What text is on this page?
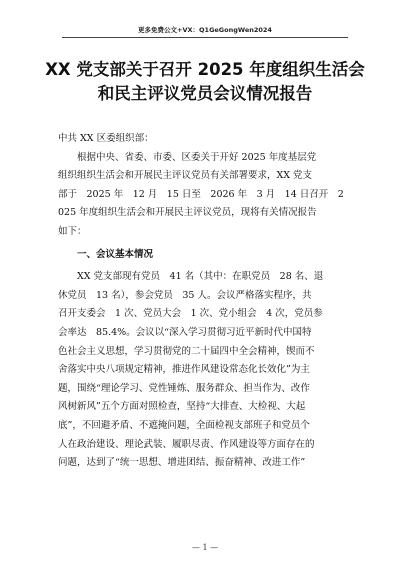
更多免费公文+VX：Q1GeGongWen2024
XX 党支部关于召开 2025 年度组织生活会
和民主评议党员会议情况报告
中共 XX 区委组织部：
　　根据中央、省委、市委、区委关于开好 2025 年度基层党
组织组织生活会和开展民主评议党员有关部署要求，XX 党支
部于　2025 年　12 月　15 日至　2026 年　3 月　14 日召开　2
025 年度组织生活会和开展民主评议党员，现将有关情况报告
如下：
　　一、会议基本情况
　　XX 党支部现有党员　41 名（其中：在职党员　28 名、退
休党员　13 名），参会党员　35 人。会议严格落实程序，共
召开支委会　1 次、党员大会　1 次、党小组会　4 次，党员参
会率达　85.4%。会议以“深入学习贯彻习近平新时代中国特
色社会主义思想，学习贯彻党的二十届四中全会精神，锲而不
舍落实中央八项规定精神，推进作风建设常态化长效化”为主
题，围绕“理论学习、党性锤炼、服务群众、担当作为、改作
风树新风”五个方面对照检查，坚持“大排查、大检视、大起
底”，不回避矛盾、不遮掩问题，全面检视支部班子和党员个
人在政治建设、理论武装、履职尽责、作风建设等方面存在的
问题，达到了“统一思想、增进团结、振奋精神、改进工作”
— 1 —
